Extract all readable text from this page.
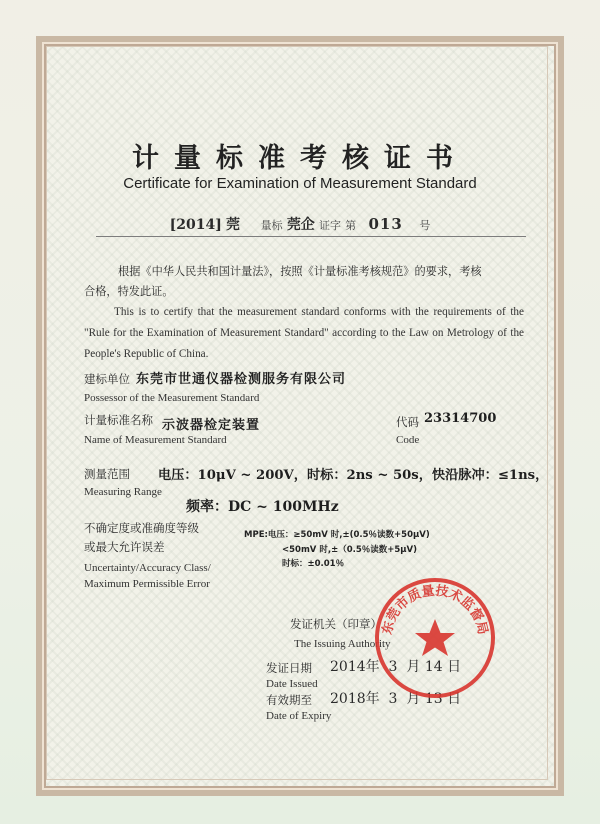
计量标准考核证书
Certificate for Examination of Measurement Standard
[2014] 莞 量标 莞企 证字 第 013 号
根据《中华人民共和国计量法》，按照《计量标准考核规范》的要求，考核
合格，特发此证。
This is to certify that the measurement standard conforms with the requirements of the "Rule for the Examination of Measurement Standard" according to the Law on Metrology of the People's Republic of China.
建标单位 东莞市世通仪器检测服务有限公司
Possessor of the Measurement Standard
计量标准名称 示波器检定装置
Name of Measurement Standard
代码 23314700
Code
测量范围 电压：10μV ~ 200V，时标：2ns ~ 50s，快沿脉冲：≤1ns，
Measuring Range
频率：DC ~ 100MHz
不确定度或准确度等级
或最大允许误差
Uncertainty/Accuracy Class/
Maximum Permissible Error
MPE:电压：≥50mV 时,±(0.5％读数+50μV)
<50mV 时,±（0.5％读数+5μV)
时标：±0.01％
发证机关（印章）
The Issuing Authority
发证日期 2014年 3 月 14 日
Date Issued
有效期至 2018年 3 月 13 日
Date of Expiry
东莞市质量技术监督局
